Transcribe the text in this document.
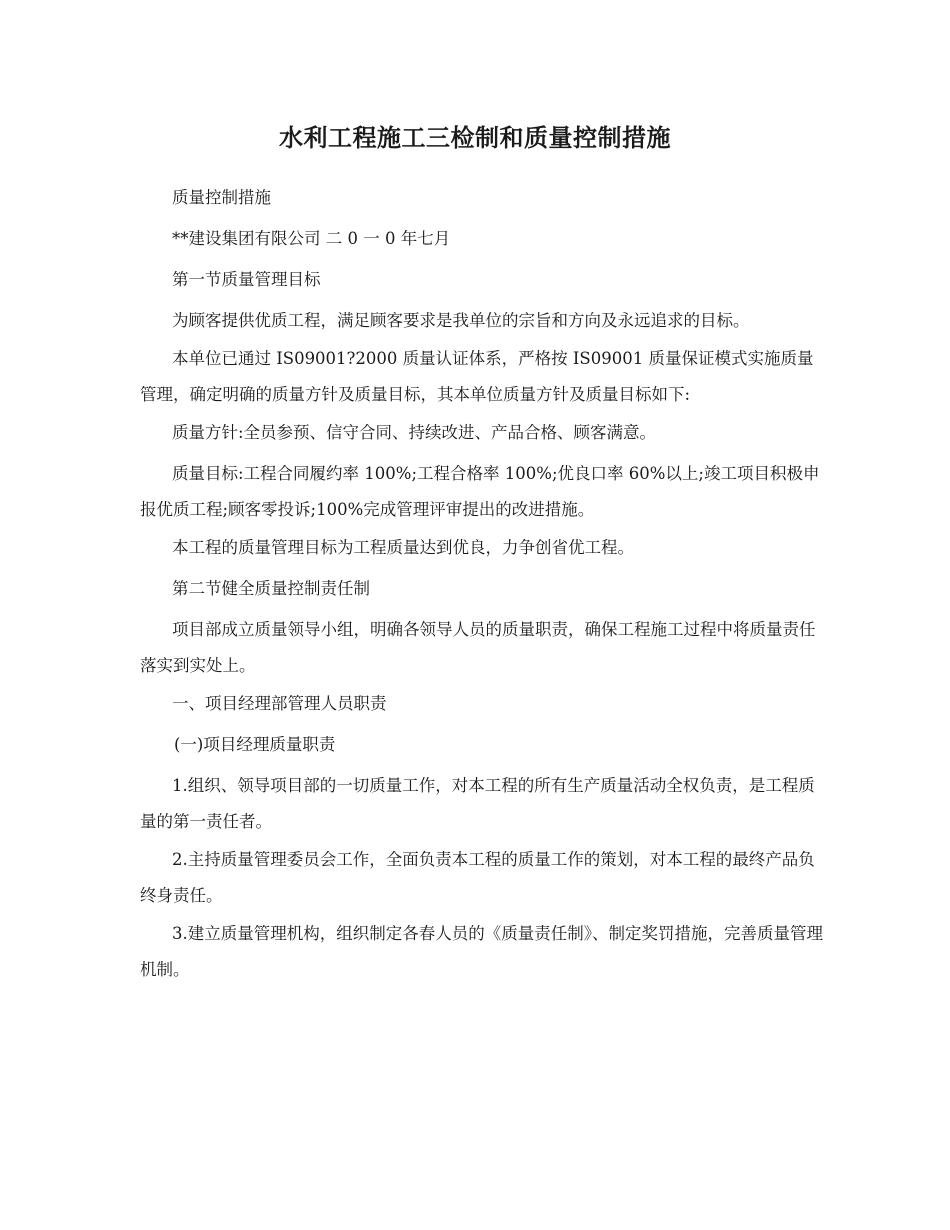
水利工程施工三检制和质量控制措施

质量控制措施

**建设集团有限公司 二 0 一 0 年七月

第一节质量管理目标

为顾客提供优质工程，满足顾客要求是我单位的宗旨和方向及永远追求的目标。

本单位已通过 IS09001?2000 质量认证体系，严格按 IS09001 质量保证模式实施质量管理，确定明确的质量方针及质量目标，其本单位质量方针及质量目标如下:

质量方针:全员参预、信守合同、持续改进、产品合格、顾客满意。

质量目标:工程合同履约率 100%;工程合格率 100%;优良口率 60%以上;竣工项目积极申报优质工程;顾客零投诉;100%完成管理评审提出的改进措施。

本工程的质量管理目标为工程质量达到优良，力争创省优工程。

第二节健全质量控制责任制

项目部成立质量领导小组，明确各领导人员的质量职责，确保工程施工过程中将质量责任落实到实处上。

一、项目经理部管理人员职责

(一)项目经理质量职责

1.组织、领导项目部的一切质量工作，对本工程的所有生产质量活动全权负责，是工程质量的第一责任者。

2.主持质量管理委员会工作，全面负责本工程的质量工作的策划，对本工程的最终产品负终身责任。

3.建立质量管理机构，组织制定各春人员的《质量责任制》、制定奖罚措施，完善质量管理机制。
